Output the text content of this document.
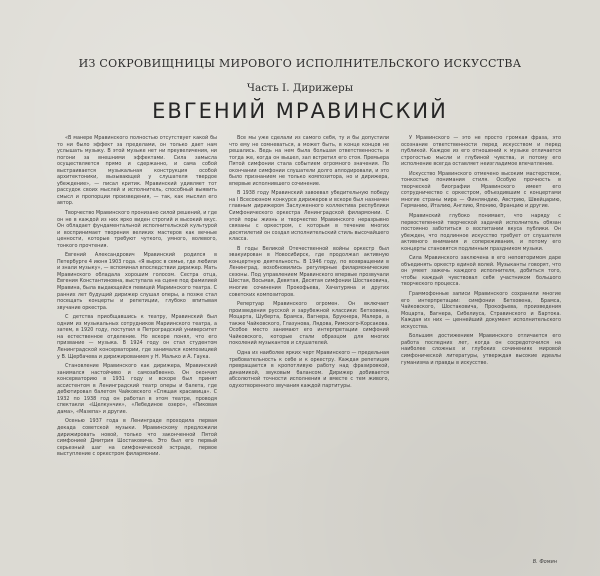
ИЗ СОКРОВИЩНИЦЫ МИРОВОГО ИСПОЛНИТЕЛЬСКОГО ИСКУССТВА
Часть I. Дирижеры
ЕВГЕНИЙ МРАВИНСКИЙ

«В манере Мравинского полностью отсутствует какой бы то ни было эффект за пределами, он только дает нам услышать музыку. В этой музыке нет ни преувеличения, ни погони за внешними эффектами. Сила замысла осуществляется прямо и сдержанно, и сама собой выстраивается музыкальная конструкция особой архитектоники, вызывающей у слушателя твердое убеждение», — писал критик. Мравинский удивляет тот рассудок своих мыслей и исполнитель, способный выявить смысл и пропорции произведения, — так, как мыслил его автор.

Творчество Мравинского пронизано силой решений, и где он не в каждой из них ярко виден строгий и высокий вкус. Он обладает фундаментальной исполнительской культурой и воспринимает творения великих мастеров как вечные ценности, которые требуют чуткого, умного, волевого, тонкого прочтения.

Евгений Александрович Мравинский родился в Петербурге 4 июня 1903 года. «Я вырос в семье, где любили и знали музыку», — вспоминал впоследствии дирижер. Мать Мравинского обладала хорошим голосом. Сестра отца, Евгения Константиновна, выступала на сцене под фамилией Мравина, была выдающейся певицей Мариинского театра. С ранних лет будущий дирижер слушал оперы, а позже стал посещать концерты и репетиции, глубоко впитывая звучание оркестра.

С детства приобщавшись к театру, Мравинский был одним из музыкальных сотрудников Мариинского театра, а затем, в 1920 году, поступил в Петроградский университет на естественное отделение. Но вскоре понял, что его призвание — музыка. В 1924 году он стал студентом Ленинградской консерватории, где занимался композицией у В. Щербачева и дирижированием у Н. Малько и А. Гаука.

Становление Мравинского как дирижера, Мравинский занимался настойчиво и самозабвенно. Он окончил консерваторию в 1931 году и вскоре был принят ассистентом в Ленинградский театр оперы и балета, где дебютировал балетом Чайковского «Спящая красавица». С 1932 по 1938 год он работал в этом театре, проводя спектакли «Щелкунчик», «Лебединое озеро», «Пиковая дама», «Мазепа» и другие.

Осенью 1937 года в Ленинграде проходила первая декада советской музыки. Мравинскому предложили дирижировать новой, только что законченной Пятой симфонией Дмитрия Шостаковича. Это был его первый серьезный шаг на симфонической эстраде, первое выступление с оркестром филармонии.

Все мы уже сделали из самого себя, ту и бы допустили что ему не сомневаться, а может быть, в конце концов не решались. Ведь на нем была большая ответственность и тогда же, когда он вышел, зал встретил его стоя. Премьера Пятой симфонии стала событием огромного значения. По окончании симфонии слушатели долго аплодировали, и это было признанием не только композитора, но и дирижера, впервые исполнившего сочинение.

В 1938 году Мравинский завоевал убедительную победу на I Всесоюзном конкурсе дирижеров и вскоре был назначен главным дирижером Заслуженного коллектива республики Симфонического оркестра Ленинградской филармонии. С этой поры жизнь и творчество Мравинского неразрывно связаны с оркестром, с которым в течение многих десятилетий он создал исполнительский стиль высочайшего класса.

В годы Великой Отечественной войны оркестр был эвакуирован в Новосибирск, где продолжал активную концертную деятельность. В 1946 году, по возвращении в Ленинград, возобновились регулярные филармонические сезоны. Под управлением Мравинского впервые прозвучали Шестая, Восьмая, Девятая, Десятая симфонии Шостаковича, многие сочинения Прокофьева, Хачатуряна и других советских композиторов.

Репертуар Мравинского огромен. Он включает произведения русской и зарубежной классики: Бетховена, Моцарта, Шуберта, Брамса, Вагнера, Брукнера, Малера, а также Чайковского, Глазунова, Лядова, Римского-Корсакова. Особое место занимают его интерпретации симфоний Чайковского, которые стали образцом для многих поколений музыкантов и слушателей.

Одна из наиболее ярких черт Мравинского — предельная требовательность к себе и к оркестру. Каждая репетиция превращается в кропотливую работу над фразировкой, динамикой, звуковым балансом. Дирижер добивается абсолютной точности исполнения и вместе с тем живого, одухотворенного звучания каждой партитуры.

У Мравинского — это не просто громкая фраза, это осознание ответственности перед искусством и перед публикой. Каждое из его отношений к музыке отличается строгостью мысли и глубиной чувства, и потому его исполнение всегда оставляет неизгладимое впечатление.

Искусство Мравинского отмечено высоким мастерством, тонкостью понимания стиля. Особую прочность в творческой биографии Мравинского имеет его сотрудничество с оркестром, объездившим с концертами многие страны мира — Финляндию, Австрию, Швейцарию, Германию, Италию, Англию, Японию, Францию и другие.

Мравинский глубоко понимает, что наряду с первостепенной творческой задачей исполнитель обязан постоянно заботиться о воспитании вкуса публики. Он убежден, что подлинное искусство требует от слушателя активного внимания и сопереживания, и потому его концерты становятся подлинным праздником музыки.

Сила Мравинского заключена в его неповторимом даре объединять оркестр единой волей. Музыканты говорят, что он умеет зажечь каждого исполнителя, добиться того, чтобы каждый чувствовал себя участником большого творческого процесса.

Граммофонные записи Мравинского сохранили многие его интерпретации: симфонии Бетховена, Брамса, Чайковского, Шостаковича, Прокофьева, произведения Моцарта, Вагнера, Сибелиуса, Стравинского и Бартока. Каждая из них — ценнейший документ исполнительского искусства.

Большим достижением Мравинского отличается его работа последних лет, когда он сосредоточился на наиболее сложных и глубоких сочинениях мировой симфонической литературы, утверждая высокие идеалы гуманизма и правды в искусстве.

В. Фомин
